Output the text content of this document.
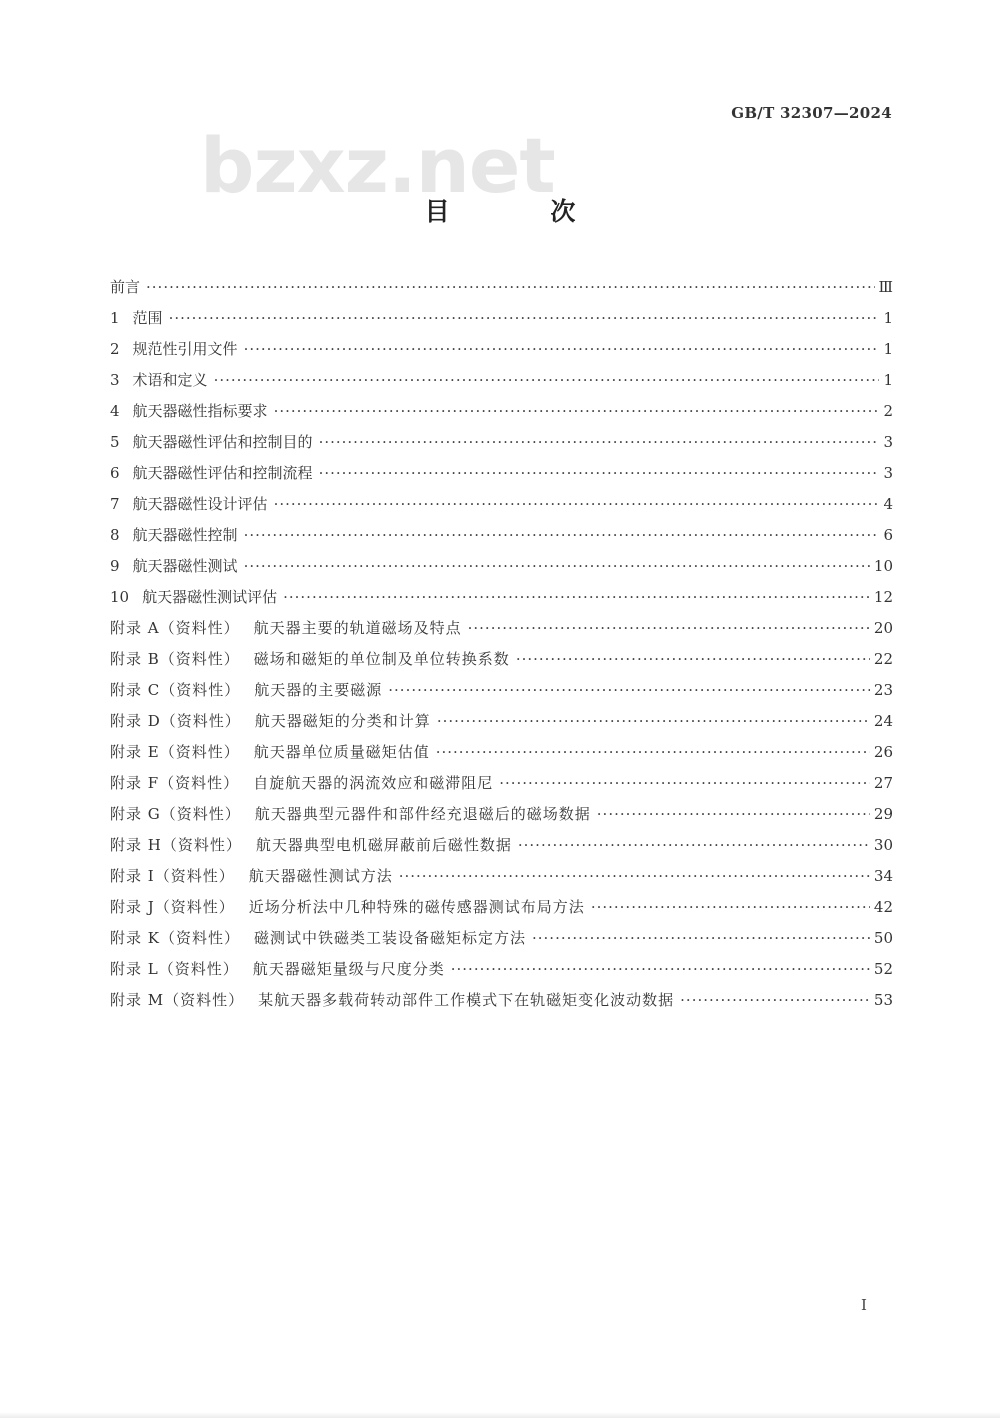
GB/T 32307—2024
bzxz.net
目 次
前言 ·····	Ⅲ
1 范围 ·····	1
2 规范性引用文件 ·····	1
3 术语和定义 ·····	1
4 航天器磁性指标要求 ·····	2
5 航天器磁性评估和控制目的 ·····	3
6 航天器磁性评估和控制流程 ·····	3
7 航天器磁性设计评估 ·····	4
8 航天器磁性控制 ·····	6
9 航天器磁性测试 ·····	10
10 航天器磁性测试评估 ·····	12
附录 A（资料性） 航天器主要的轨道磁场及特点 ·····	20
附录 B（资料性） 磁场和磁矩的单位制及单位转换系数 ·····	22
附录 C（资料性） 航天器的主要磁源 ·····	23
附录 D（资料性） 航天器磁矩的分类和计算 ·····	24
附录 E（资料性） 航天器单位质量磁矩估值 ·····	26
附录 F（资料性） 自旋航天器的涡流效应和磁滞阻尼 ·····	27
附录 G（资料性） 航天器典型元器件和部件经充退磁后的磁场数据 ·····	29
附录 H（资料性） 航天器典型电机磁屏蔽前后磁性数据 ·····	30
附录 I（资料性） 航天器磁性测试方法 ·····	34
附录 J（资料性） 近场分析法中几种特殊的磁传感器测试布局方法 ·····	42
附录 K（资料性） 磁测试中铁磁类工装设备磁矩标定方法 ·····	50
附录 L（资料性） 航天器磁矩量级与尺度分类 ·····	52
附录 M（资料性） 某航天器多载荷转动部件工作模式下在轨磁矩变化波动数据 ·····	53
I
